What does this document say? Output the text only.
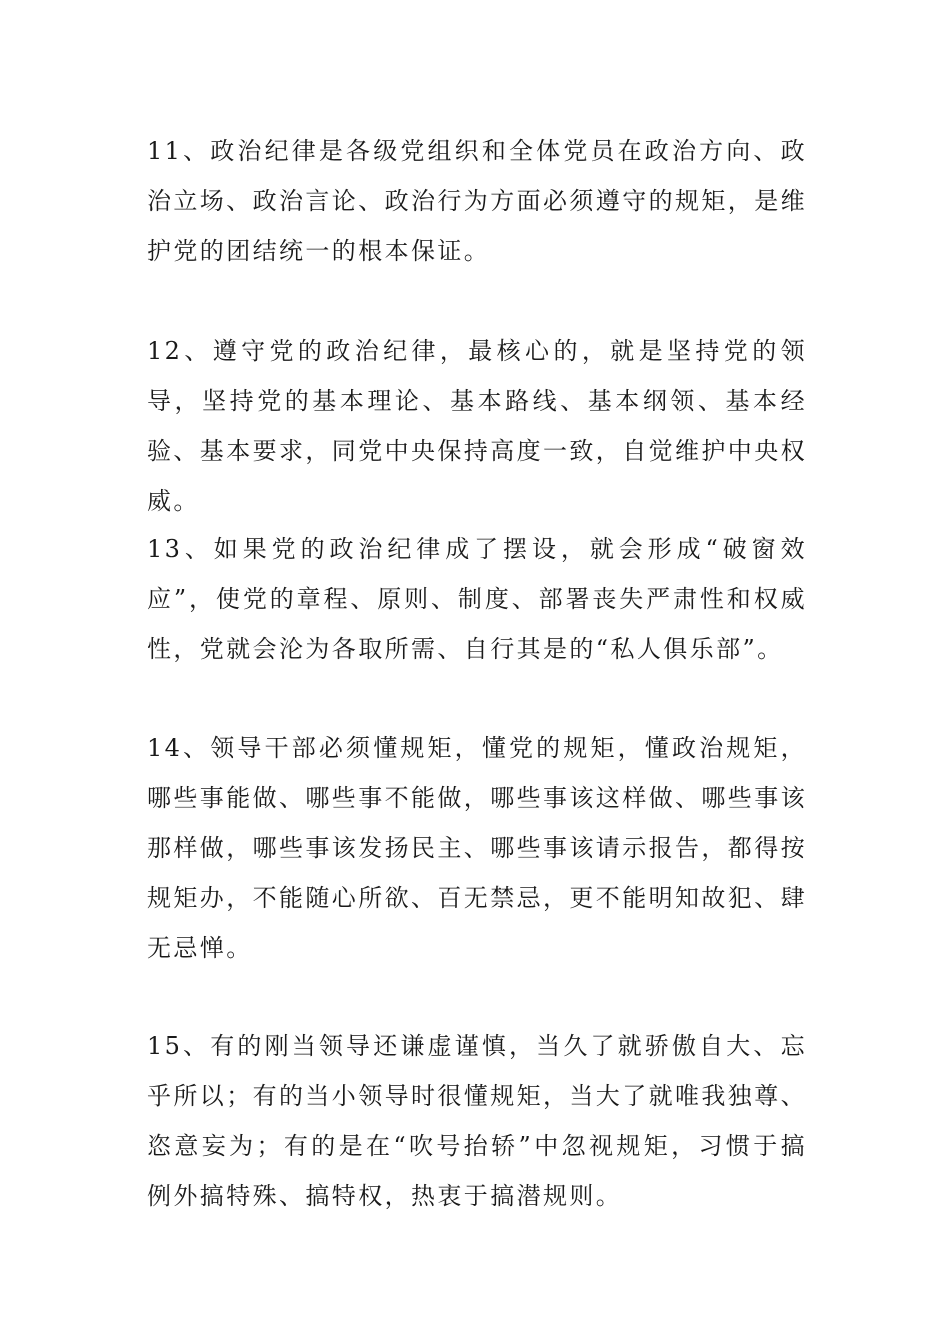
11、政治纪律是各级党组织和全体党员在政治方向、政治立场、政治言论、政治行为方面必须遵守的规矩，是维护党的团结统一的根本保证。

12、遵守党的政治纪律，最核心的，就是坚持党的领导，坚持党的基本理论、基本路线、基本纲领、基本经验、基本要求，同党中央保持高度一致，自觉维护中央权威。

13、如果党的政治纪律成了摆设，就会形成“破窗效应”，使党的章程、原则、制度、部署丧失严肃性和权威性，党就会沦为各取所需、自行其是的“私人俱乐部”。

14、领导干部必须懂规矩，懂党的规矩，懂政治规矩，哪些事能做、哪些事不能做，哪些事该这样做、哪些事该那样做，哪些事该发扬民主、哪些事该请示报告，都得按规矩办，不能随心所欲、百无禁忌，更不能明知故犯、肆无忌惮。

15、有的刚当领导还谦虚谨慎，当久了就骄傲自大、忘乎所以；有的当小领导时很懂规矩，当大了就唯我独尊、恣意妄为；有的是在“吹号抬轿”中忽视规矩，习惯于搞例外搞特殊、搞特权，热衷于搞潜规则。
